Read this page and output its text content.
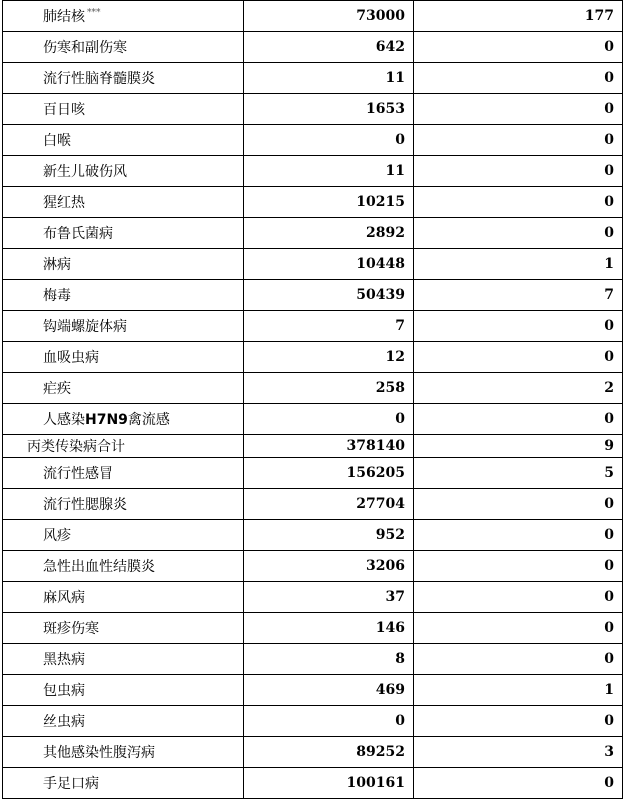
肺结核 ***	73000	177
伤寒和副伤寒	642	0
流行性脑脊髓膜炎	11	0
百日咳	1653	0
白喉	0	0
新生儿破伤风	11	0
猩红热	10215	0
布鲁氏菌病	2892	0
淋病	10448	1
梅毒	50439	7
钩端螺旋体病	7	0
血吸虫病	12	0
疟疾	258	2
人感染H7N9禽流感	0	0
丙类传染病合计	378140	9
流行性感冒	156205	5
流行性腮腺炎	27704	0
风疹	952	0
急性出血性结膜炎	3206	0
麻风病	37	0
斑疹伤寒	146	0
黑热病	8	0
包虫病	469	1
丝虫病	0	0
其他感染性腹泻病	89252	3
手足口病	100161	0
